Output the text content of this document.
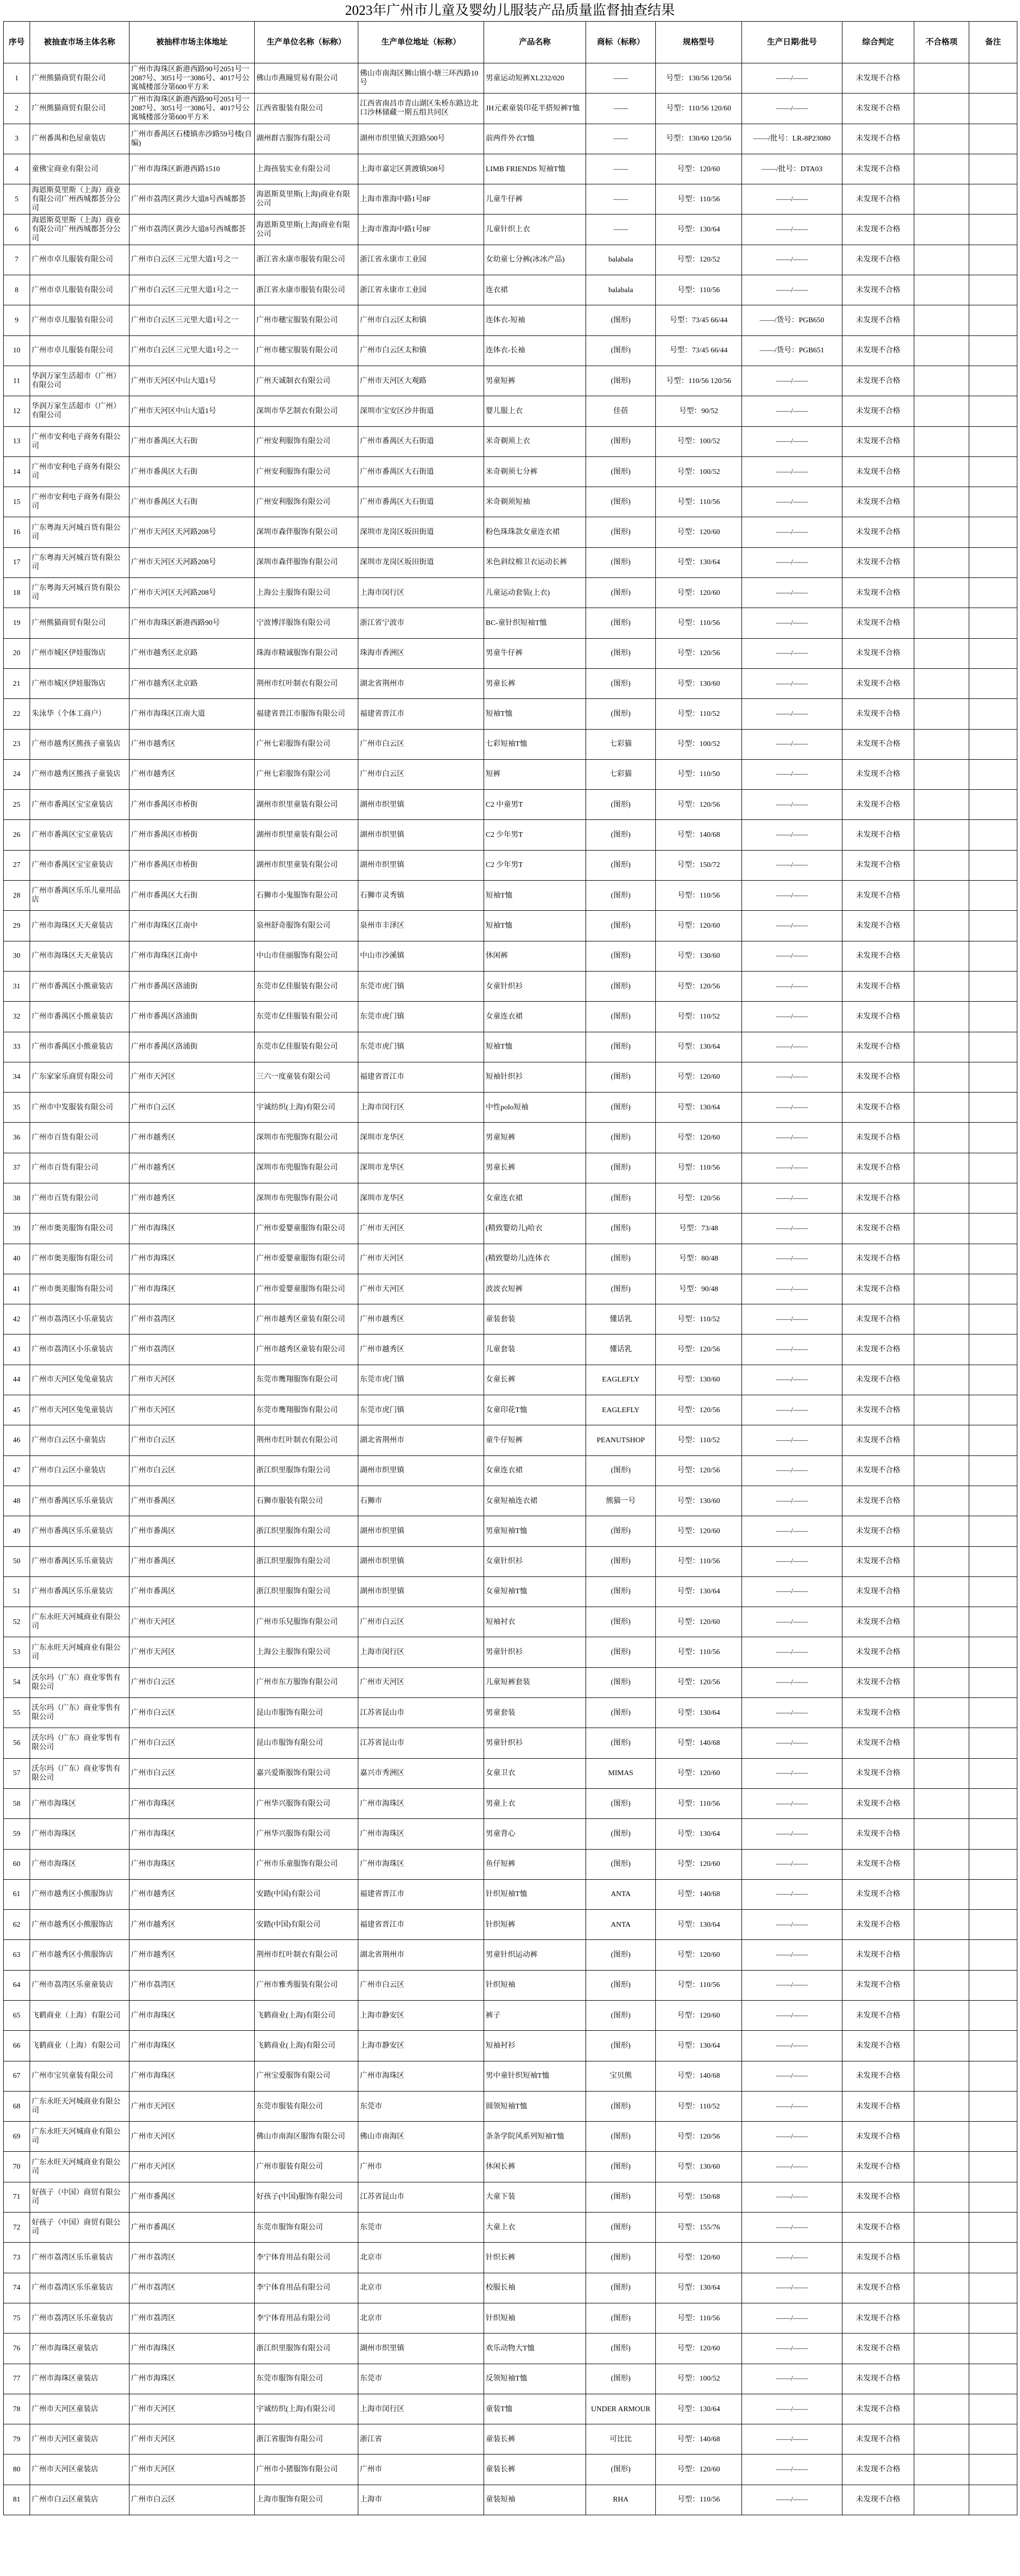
2023年广州市儿童及婴幼儿服装产品质量监督抽查结果
序号	被抽查市场主体名称	被抽样市场主体地址	生产单位名称（标称）	生产单位地址（标称）	产品名称	商标（标称）	规格型号	生产日期/批号	综合判定	不合格项	备注
1	广州熊猫商贸有限公司	广州市海珠区新港西路90号2051号一2087号、3051号一3086号、4017号公寓城楼部分第600平方米	佛山市燕瞳贸易有限公司	佛山市南海区狮山镇小塘三环西路10号	男童运动短裤XL232/020	——	号型：130/56 120/56	——/——	未发现不合格		
2	广州熊猫商贸有限公司	广州市海珠区新港西路90号2051号一2087号、3051号一3086号、4017号公寓城楼部分第600平方米	江西省服装有限公司	江西省南昌市青山湖区朱桥东路边北口沙林储藏一期五组共同区	JH元素童装印花半搭短裤T恤	——	号型：110/56 120/60	——/——	未发现不合格		
3	广州番禺和色屋童装店	广州市番禺区石楼镇赤沙路59号楼(自编)	湖州群吉服饰有限公司	湖州市织里镇天涯路500号	前两件外衣T恤	——	号型：130/60 120/56	——/批号：LR-8P23080	未发现不合格		
4	童佛宝商业有限公司	广州市海珠区新港西路1510	上海孩装实业有限公司	上海市嘉定区黄渡镇508号	LIMB FRIENDS 短袖T恤	——	号型：120/60	——/批号：DTA03	未发现不合格		
5	海恩斯莫里斯（上海）商业有限公司广州西城都荟分公司	广州市荔湾区黄沙大道8号西城都荟	海恩斯莫里斯(上海)商业有限公司	上海市淮海中路1号8F	儿童牛仔裤	——	号型：110/56	——/——	未发现不合格		
6	海恩斯莫里斯（上海）商业有限公司广州西城都荟分公司	广州市荔湾区黄沙大道8号西城都荟	海恩斯莫里斯(上海)商业有限公司	上海市淮海中路1号8F	儿童针织上衣	——	号型：130/64	——/——	未发现不合格		
7	广州市卓儿服装有限公司	广州市白云区三元里大道1号之一	浙江省永康市服装有限公司	浙江省永康市工业园	女幼童七分裤(冰冰产品)	balabala	号型：120/52	——/——	未发现不合格		
8	广州市卓儿服装有限公司	广州市白云区三元里大道1号之一	浙江省永康市服装有限公司	浙江省永康市工业园	连衣裙	balabala	号型：110/56	——/——	未发现不合格		
9	广州市卓儿服装有限公司	广州市白云区三元里大道1号之一	广州市穗宝服装有限公司	广州市白云区太和镇	连体衣-短袖	(图形)	号型：73/45 66/44	——/货号：PGB650	未发现不合格		
10	广州市卓儿服装有限公司	广州市白云区三元里大道1号之一	广州市穗宝服装有限公司	广州市白云区太和镇	连体衣-长袖	(图形)	号型：73/45 66/44	——/货号：PGB651	未发现不合格		
11	华润万家生活超市（广州）有限公司	广州市天河区中山大道1号	广州天诚制衣有限公司	广州市天河区大观路	男童短裤	(图形)	号型：110/56 120/56	——/——	未发现不合格		
12	华润万家生活超市（广州）有限公司	广州市天河区中山大道1号	深圳市华艺制衣有限公司	深圳市宝安区沙井街道	婴儿服上衣	佳蓓	号型：90/52	——/——	未发现不合格		
13	广州市安利电子商务有限公司	广州市番禺区大石街	广州安利服饰有限公司	广州市番禺区大石街道	米奇剃须上衣	(图形)	号型：100/52	——/——	未发现不合格		
14	广州市安利电子商务有限公司	广州市番禺区大石街	广州安利服饰有限公司	广州市番禺区大石街道	米奇剃须七分裤	(图形)	号型：100/52	——/——	未发现不合格		
15	广州市安利电子商务有限公司	广州市番禺区大石街	广州安利服饰有限公司	广州市番禺区大石街道	米奇剃须短袖	(图形)	号型：110/56	——/——	未发现不合格		
16	广东粤海天河城百货有限公司	广州市天河区天河路208号	深圳市森伴服饰有限公司	深圳市龙岗区坂田街道	粉色珠珠款女童连衣裙	(图形)	号型：120/60	——/——	未发现不合格		
17	广东粤海天河城百货有限公司	广州市天河区天河路208号	深圳市森伴服饰有限公司	深圳市龙岗区坂田街道	米色斜纹棉卫衣运动长裤	(图形)	号型：130/64	——/——	未发现不合格		
18	广东粤海天河城百货有限公司	广州市天河区天河路208号	上海公主服饰有限公司	上海市闵行区	儿童运动套装(上衣)	(图形)	号型：120/60	——/——	未发现不合格		
19	广州熊猫商贸有限公司	广州市海珠区新港西路90号	宁波博洋服饰有限公司	浙江省宁波市	BC-童针织短袖T恤	(图形)	号型：110/56	——/——	未发现不合格		
20	广州市城区伊娃服饰店	广州市越秀区北京路	珠海市精诚服饰有限公司	珠海市香洲区	男童牛仔裤	(图形)	号型：120/56	——/——	未发现不合格		
21	广州市城区伊娃服饰店	广州市越秀区北京路	荆州市红叶制衣有限公司	湖北省荆州市	男童长裤	(图形)	号型：130/60	——/——	未发现不合格		
22	朱泳华（个体工商户）	广州市海珠区江南大道	福建省晋江市服饰有限公司	福建省晋江市	短袖T恤	(图形)	号型：110/52	——/——	未发现不合格		
23	广州市越秀区熊孩子童装店	广州市越秀区	广州七彩服饰有限公司	广州市白云区	七彩短袖T恤	七彩猫	号型：100/52	——/——	未发现不合格		
24	广州市越秀区熊孩子童装店	广州市越秀区	广州七彩服饰有限公司	广州市白云区	短裤	七彩猫	号型：110/50	——/——	未发现不合格		
25	广州市番禺区宝宝童装店	广州市番禺区市桥街	湖州市织里童装有限公司	湖州市织里镇	C2 中童男T	(图形)	号型：120/56	——/——	未发现不合格		
26	广州市番禺区宝宝童装店	广州市番禺区市桥街	湖州市织里童装有限公司	湖州市织里镇	C2 少年男T	(图形)	号型：140/68	——/——	未发现不合格		
27	广州市番禺区宝宝童装店	广州市番禺区市桥街	湖州市织里童装有限公司	湖州市织里镇	C2 少年男T	(图形)	号型：150/72	——/——	未发现不合格		
28	广州市番禺区乐乐儿童用品店	广州市番禺区大石街	石狮市小鬼服饰有限公司	石狮市灵秀镇	短袖T恤	(图形)	号型：110/56	——/——	未发现不合格		
29	广州市海珠区天天童装店	广州市海珠区江南中	泉州舒奇服饰有限公司	泉州市丰泽区	短袖T恤	(图形)	号型：120/60	——/——	未发现不合格		
30	广州市海珠区天天童装店	广州市海珠区江南中	中山市佳丽服饰有限公司	中山市沙溪镇	休闲裤	(图形)	号型：130/60	——/——	未发现不合格		
31	广州市番禺区小熊童装店	广州市番禺区洛浦街	东莞市亿佳服装有限公司	东莞市虎门镇	女童针织衫	(图形)	号型：120/56	——/——	未发现不合格		
32	广州市番禺区小熊童装店	广州市番禺区洛浦街	东莞市亿佳服装有限公司	东莞市虎门镇	女童连衣裙	(图形)	号型：110/52	——/——	未发现不合格		
33	广州市番禺区小熊童装店	广州市番禺区洛浦街	东莞市亿佳服装有限公司	东莞市虎门镇	短袖T恤	(图形)	号型：130/64	——/——	未发现不合格		
34	广东家家乐商贸有限公司	广州市天河区	三六一度童装有限公司	福建省晋江市	短袖针织衫	(图形)	号型：120/60	——/——	未发现不合格		
35	广州市中发服装有限公司	广州市白云区	宇诚纺织(上海)有限公司	上海市闵行区	中性polo短袖	(图形)	号型：130/64	——/——	未发现不合格		
36	广州市百货有限公司	广州市越秀区	深圳市布兜服饰有限公司	深圳市龙华区	男童短裤	(图形)	号型：120/60	——/——	未发现不合格		
37	广州市百货有限公司	广州市越秀区	深圳市布兜服饰有限公司	深圳市龙华区	男童长裤	(图形)	号型：110/56	——/——	未发现不合格		
38	广州市百货有限公司	广州市越秀区	深圳市布兜服饰有限公司	深圳市龙华区	女童连衣裙	(图形)	号型：120/56	——/——	未发现不合格		
39	广州市奥美服饰有限公司	广州市海珠区	广州市爱婴童服饰有限公司	广州市天河区	(精致婴幼儿)哈衣	(图形)	号型：73/48	——/——	未发现不合格		
40	广州市奥美服饰有限公司	广州市海珠区	广州市爱婴童服饰有限公司	广州市天河区	(精致婴幼儿)连体衣	(图形)	号型：80/48	——/——	未发现不合格		
41	广州市奥美服饰有限公司	广州市海珠区	广州市爱婴童服饰有限公司	广州市天河区	波波衣短裤	(图形)	号型：90/48	——/——	未发现不合格		
42	广州市荔湾区小乐童装店	广州市荔湾区	广州市越秀区童装有限公司	广州市越秀区	童装套装	懂话乳	号型：110/52	——/——	未发现不合格		
43	广州市荔湾区小乐童装店	广州市荔湾区	广州市越秀区童装有限公司	广州市越秀区	儿童套装	懂话乳	号型：120/56	——/——	未发现不合格		
44	广州市天河区兔兔童装店	广州市天河区	东莞市鹰翔服饰有限公司	东莞市虎门镇	女童长裤	EAGLEFLY	号型：130/60	——/——	未发现不合格		
45	广州市天河区兔兔童装店	广州市天河区	东莞市鹰翔服饰有限公司	东莞市虎门镇	女童印花T恤	EAGLEFLY	号型：120/56	——/——	未发现不合格		
46	广州市白云区小童装店	广州市白云区	荆州市红叶制衣有限公司	湖北省荆州市	童牛仔短裤	PEANUTSHOP	号型：110/52	——/——	未发现不合格		
47	广州市白云区小童装店	广州市白云区	浙江织里服饰有限公司	湖州市织里镇	女童连衣裙	(图形)	号型：120/56	——/——	未发现不合格		
48	广州市番禺区乐乐童装店	广州市番禺区	石狮市服装有限公司	石狮市	女童短袖连衣裙	熊猫一号	号型：130/60	——/——	未发现不合格		
49	广州市番禺区乐乐童装店	广州市番禺区	浙江织里服饰有限公司	湖州市织里镇	男童短袖T恤	(图形)	号型：120/60	——/——	未发现不合格		
50	广州市番禺区乐乐童装店	广州市番禺区	浙江织里服饰有限公司	湖州市织里镇	女童针织衫	(图形)	号型：110/56	——/——	未发现不合格		
51	广州市番禺区乐乐童装店	广州市番禺区	浙江织里服饰有限公司	湖州市织里镇	女童短袖T恤	(图形)	号型：130/64	——/——	未发现不合格		
52	广东永旺天河城商业有限公司	广州市天河区	广州市乐兒服饰有限公司	广州市白云区	短袖衬衣	(图形)	号型：120/60	——/——	未发现不合格		
53	广东永旺天河城商业有限公司	广州市天河区	上海公主服饰有限公司	上海市闵行区	男童针织衫	(图形)	号型：110/56	——/——	未发现不合格		
54	沃尔玛（广东）商业零售有限公司	广州市白云区	广州市东方服饰有限公司	广州市天河区	儿童短裤套装	(图形)	号型：120/56	——/——	未发现不合格		
55	沃尔玛（广东）商业零售有限公司	广州市白云区	昆山市服饰有限公司	江苏省昆山市	男童套装	(图形)	号型：130/64	——/——	未发现不合格		
56	沃尔玛（广东）商业零售有限公司	广州市白云区	昆山市服饰有限公司	江苏省昆山市	男童针织衫	(图形)	号型：140/68	——/——	未发现不合格		
57	沃尔玛（广东）商业零售有限公司	广州市白云区	嘉兴爱斯服饰有限公司	嘉兴市秀洲区	女童卫衣	MIMAS	号型：120/60	——/——	未发现不合格		
58	广州市海珠区	广州市海珠区	广州华兴服饰有限公司	广州市海珠区	男童上衣	(图形)	号型：110/56	——/——	未发现不合格		
59	广州市海珠区	广州市海珠区	广州华兴服饰有限公司	广州市海珠区	男童背心	(图形)	号型：130/64	——/——	未发现不合格		
60	广州市海珠区	广州市海珠区	广州市乐童服饰有限公司	广州市海珠区	鱼仔短裤	(图形)	号型：120/60	——/——	未发现不合格		
61	广州市越秀区小熊服饰店	广州市越秀区	安踏(中国)有限公司	福建省晋江市	针织短袖T恤	ANTA	号型：140/68	——/——	未发现不合格		
62	广州市越秀区小熊服饰店	广州市越秀区	安踏(中国)有限公司	福建省晋江市	针织短裤	ANTA	号型：130/64	——/——	未发现不合格		
63	广州市越秀区小熊服饰店	广州市越秀区	荆州市红叶制衣有限公司	湖北省荆州市	男童针织运动裤	(图形)	号型：120/60	——/——	未发现不合格		
64	广州市荔湾区乐童童装店	广州市荔湾区	广州市雅秀服装有限公司	广州市白云区	针织短袖	(图形)	号型：110/56	——/——	未发现不合格		
65	飞鹤商业（上海）有限公司	广州市海珠区	飞鹤商业(上海)有限公司	上海市静安区	裤子	(图形)	号型：120/60	——/——	未发现不合格		
66	飞鹤商业（上海）有限公司	广州市海珠区	飞鹤商业(上海)有限公司	上海市静安区	短袖衬衫	(图形)	号型：130/64	——/——	未发现不合格		
67	广州市宝贝童装有限公司	广州市海珠区	广州宝爱服饰有限公司	广州市海珠区	男中童针织短袖T恤	宝贝熊	号型：140/68	——/——	未发现不合格		
68	广东永旺天河城商业有限公司	广州市天河区	东莞市服装有限公司	东莞市	圆领短袖T恤	(图形)	号型：110/52	——/——	未发现不合格		
69	广东永旺天河城商业有限公司	广州市天河区	佛山市南海区服饰有限公司	佛山市南海区	条条学院风系列短袖T恤	(图形)	号型：120/56	——/——	未发现不合格		
70	广东永旺天河城商业有限公司	广州市天河区	广州市服装有限公司	广州市	休闲长裤	(图形)	号型：130/60	——/——	未发现不合格		
71	好孩子（中国）商贸有限公司	广州市番禺区	好孩子(中国)服饰有限公司	江苏省昆山市	大童下装	(图形)	号型：150/68	——/——	未发现不合格		
72	好孩子（中国）商贸有限公司	广州市番禺区	东莞市服饰有限公司	东莞市	大童上衣	(图形)	号型：155/76	——/——	未发现不合格		
73	广州市荔湾区乐乐童装店	广州市荔湾区	李宁体育用品有限公司	北京市	针织长裤	(图形)	号型：120/60	——/——	未发现不合格		
74	广州市荔湾区乐乐童装店	广州市荔湾区	李宁体育用品有限公司	北京市	校服长袖	(图形)	号型：130/64	——/——	未发现不合格		
75	广州市荔湾区乐乐童装店	广州市荔湾区	李宁体育用品有限公司	北京市	针织短袖	(图形)	号型：110/56	——/——	未发现不合格		
76	广州市海珠区童装店	广州市海珠区	浙江织里服饰有限公司	湖州市织里镇	欢乐动物大T恤	(图形)	号型：120/60	——/——	未发现不合格		
77	广州市海珠区童装店	广州市海珠区	东莞市服饰有限公司	东莞市	反领短袖T恤	(图形)	号型：100/52	——/——	未发现不合格		
78	广州市天河区童装店	广州市天河区	宇诚纺织(上海)有限公司	上海市闵行区	童装T恤	UNDER ARMOUR	号型：130/64	——/——	未发现不合格		
79	广州市天河区童装店	广州市天河区	浙江省服饰有限公司	浙江省	童装长裤	可比比	号型：140/68	——/——	未发现不合格		
80	广州市天河区童装店	广州市天河区	广州市小猪服饰有限公司	广州市	童装长裤	(图形)	号型：120/60	——/——	未发现不合格		
81	广州市白云区童装店	广州市白云区	上海市服饰有限公司	上海市	童装短袖	RHA	号型：110/56	——/——	未发现不合格		
